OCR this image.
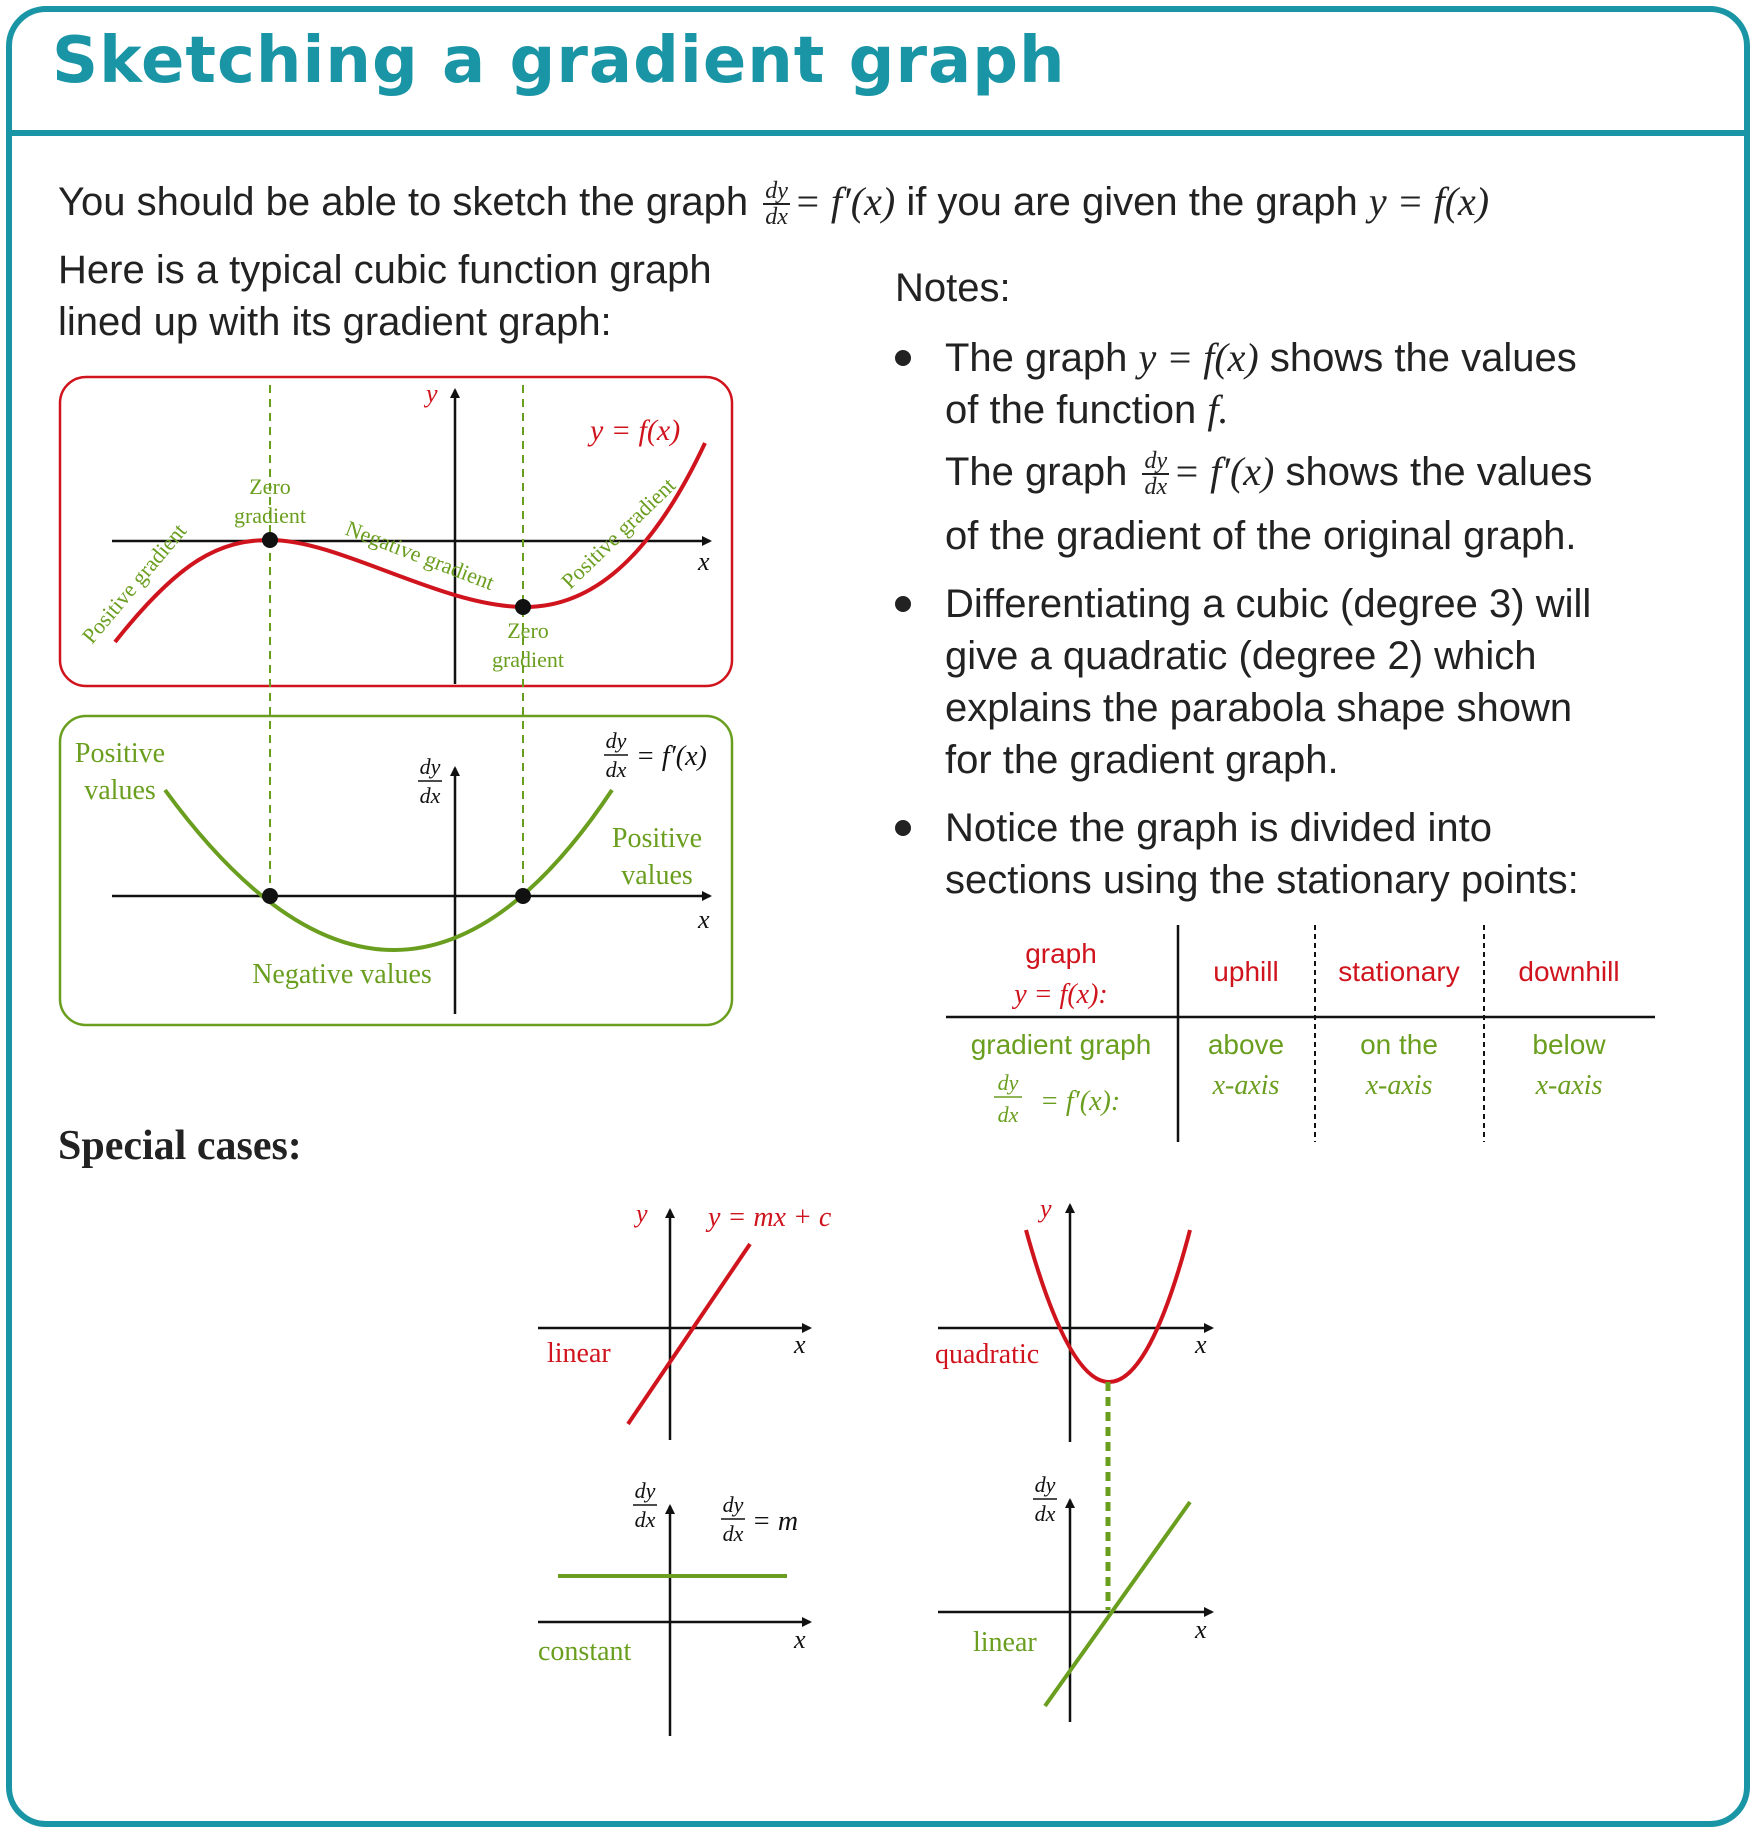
Sketching a gradient graph
You should be able to sketch the graph $\frac{dy}{dx} = f'(x)$ if you are given the graph y = f(x)
Here is a typical cubic function graph
lined up with its gradient graph:
Notes:
The graph y = f(x) shows the values
of the function f.
The graph $\frac{dy}{dx} = f'(x)$ shows the values
of the gradient of the original graph.
Differentiating a cubic (degree 3) will
give a quadratic (degree 2) which
explains the parabola shape shown
for the gradient graph.
Notice the graph is divided into
sections using the stationary points:
Special cases:
y
x
y = f(x)
Zero
gradient
Zero
gradient
Positive gradient	Negative gradient	Positive gradient
dy
dx
x
dy
dx = f′(x)
Positive
values
Positive
values
Negative values
graph
y = f(x):
uphill stationary downhill
gradient graph
dy
dx = f′(x):
above
x-axis
on the
x-axis
below
x-axis
y y = mx + c
x
linear
dy
dx
dy
dx = m
x
constant
y
x
quadratic
dy
dx
x
linear
